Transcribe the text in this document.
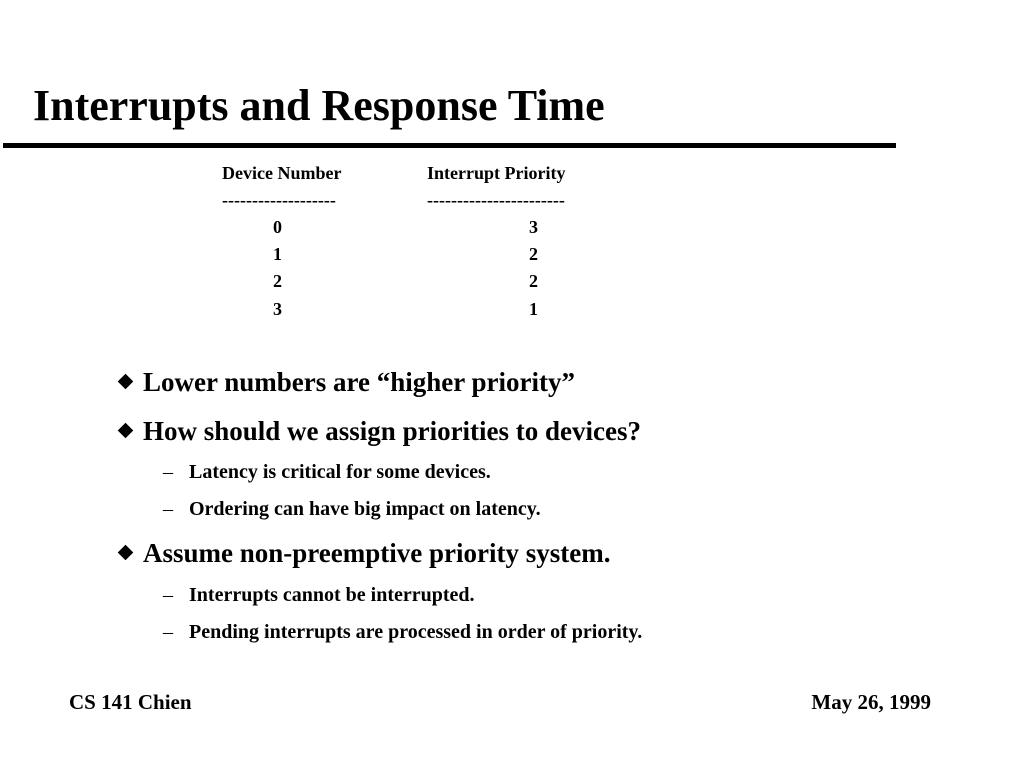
Interrupts and Response Time
Device Number	Interrupt Priority
-------------------	-----------------------
0	3
1	2
2	2
3	1
Lower numbers are “higher priority”
How should we assign priorities to devices?
– Latency is critical for some devices.
– Ordering can have big impact on latency.
Assume non-preemptive priority system.
– Interrupts cannot be interrupted.
– Pending interrupts are processed in order of priority.
CS 141 Chien	May 26, 1999
